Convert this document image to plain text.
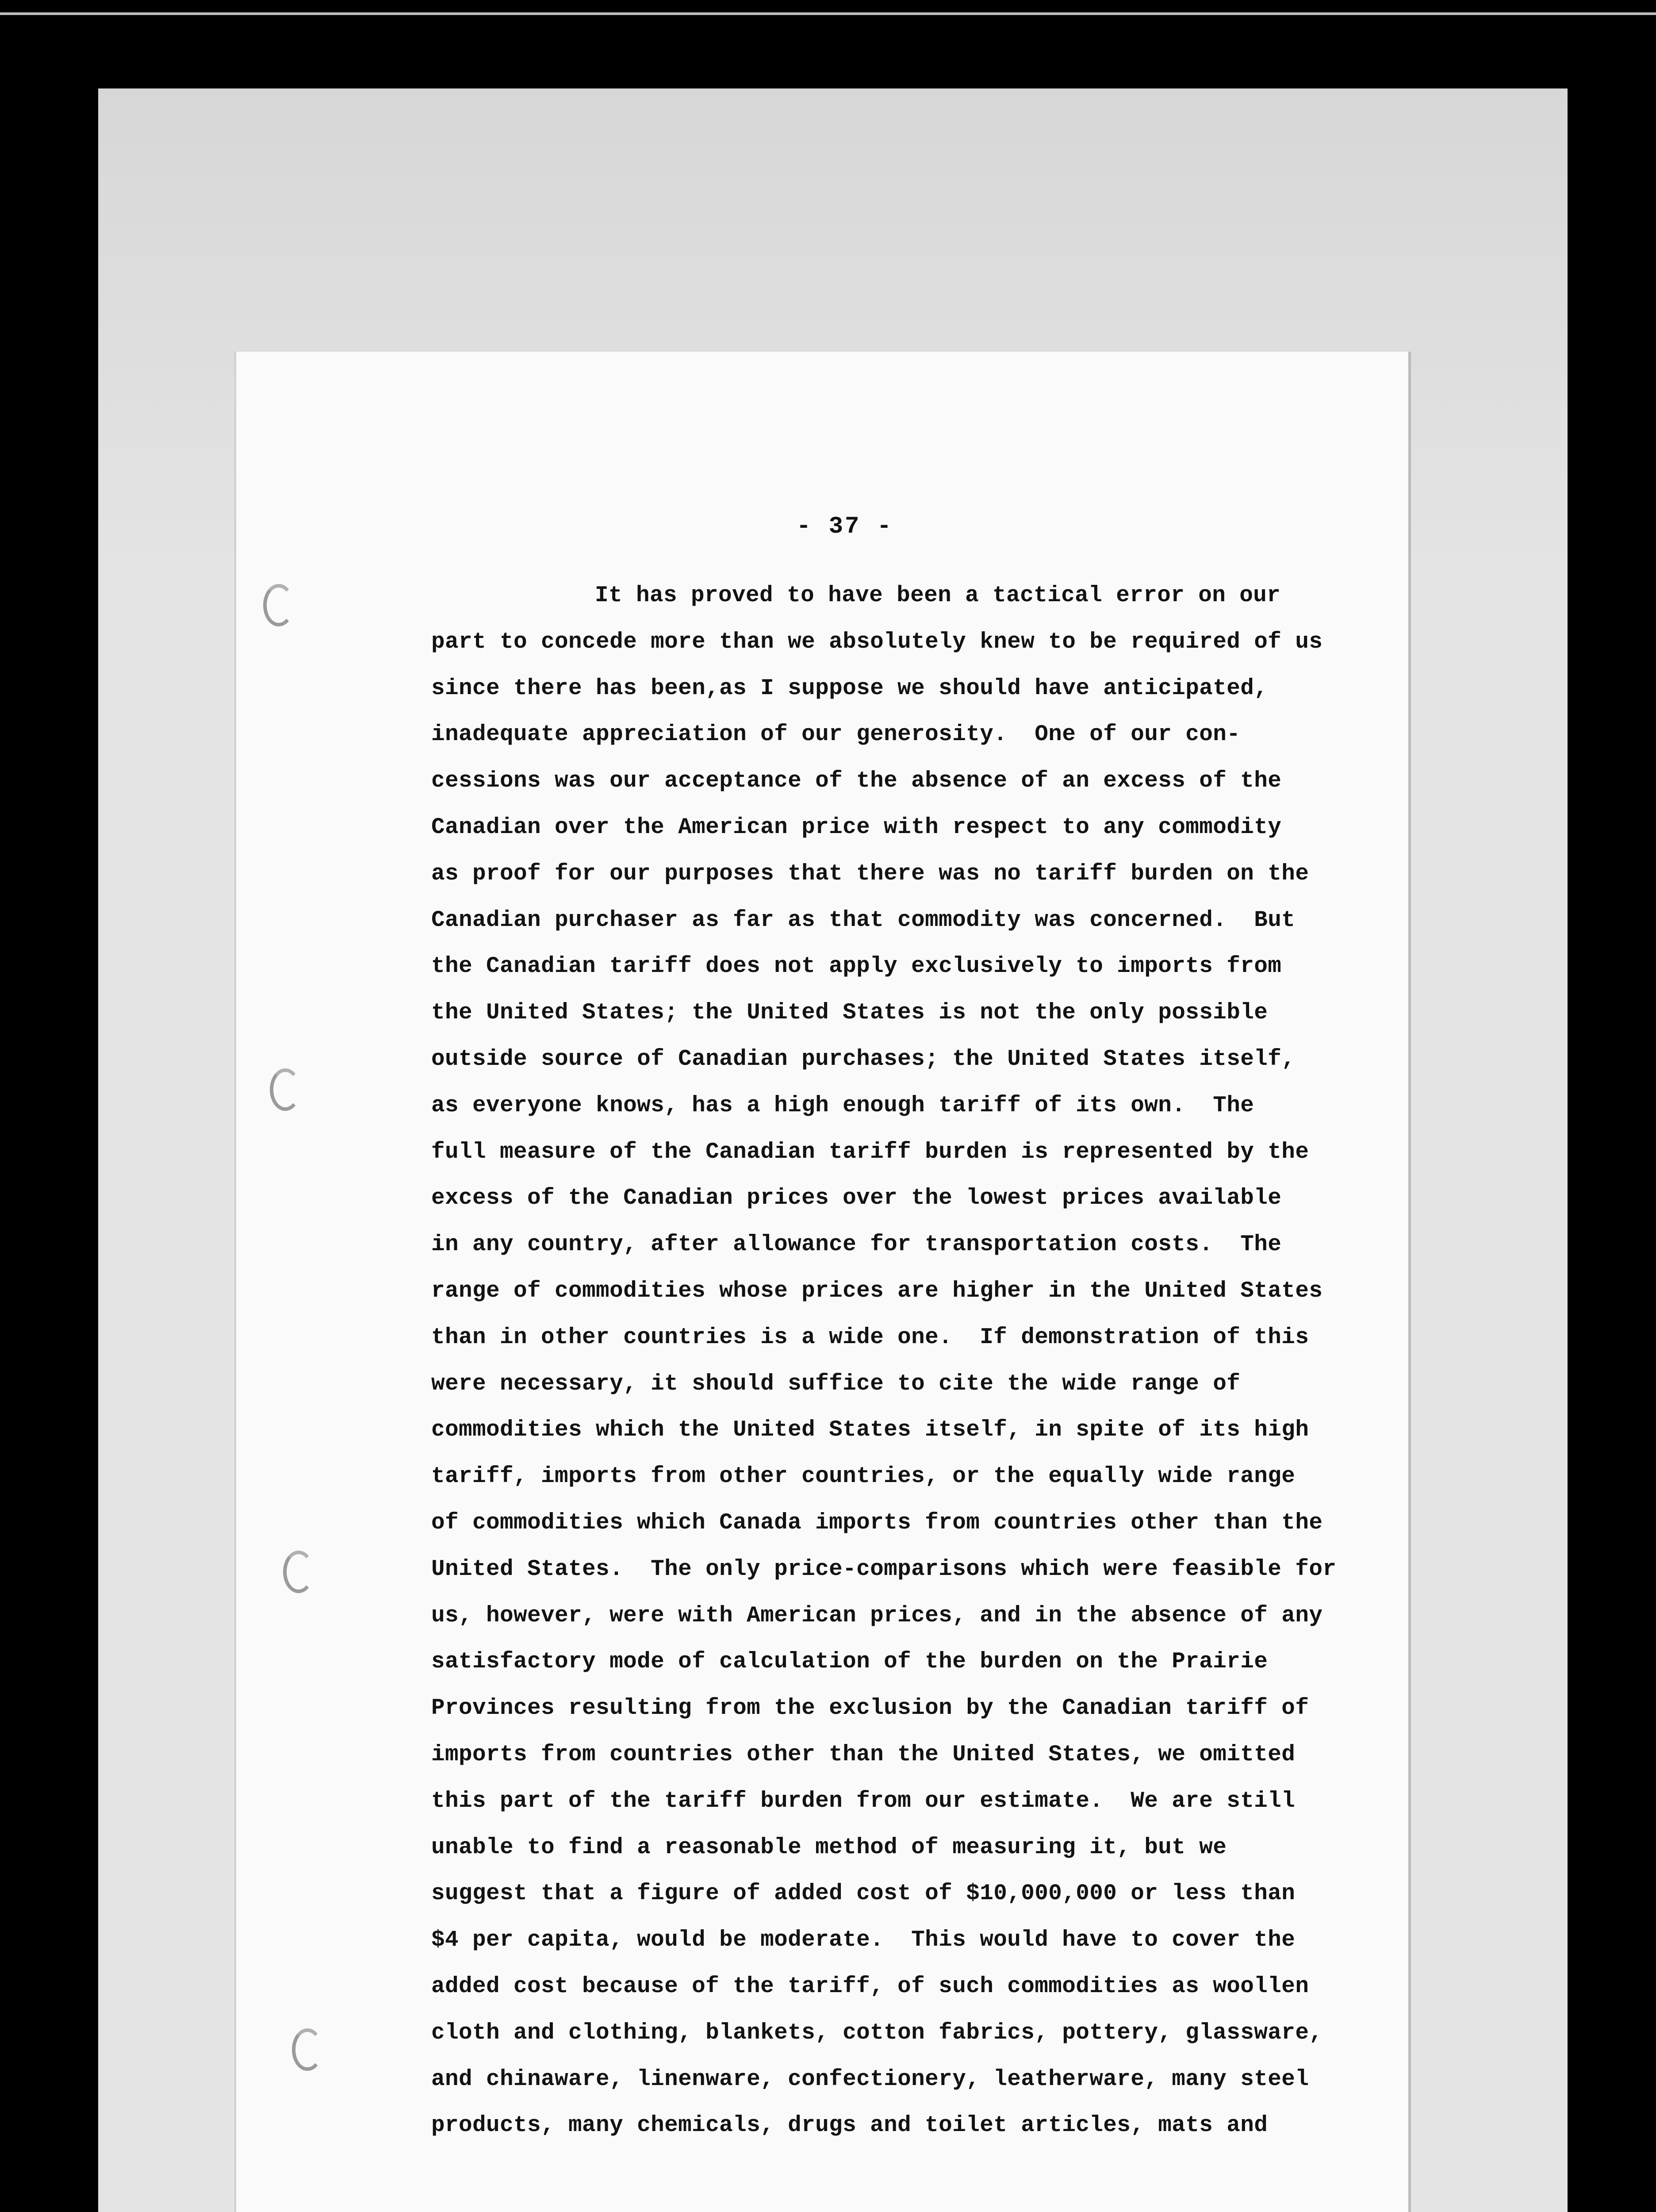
- 37 -
It has proved to have been a tactical error on our
part to concede more than we absolutely knew to be required of us
since there has been,as I suppose we should have anticipated,
inadequate appreciation of our generosity.  One of our con-
cessions was our acceptance of the absence of an excess of the
Canadian over the American price with respect to any commodity
as proof for our purposes that there was no tariff burden on the
Canadian purchaser as far as that commodity was concerned.  But
the Canadian tariff does not apply exclusively to imports from
the United States; the United States is not the only possible
outside source of Canadian purchases; the United States itself,
as everyone knows, has a high enough tariff of its own.  The
full measure of the Canadian tariff burden is represented by the
excess of the Canadian prices over the lowest prices available
in any country, after allowance for transportation costs.  The
range of commodities whose prices are higher in the United States
than in other countries is a wide one.  If demonstration of this
were necessary, it should suffice to cite the wide range of
commodities which the United States itself, in spite of its high
tariff, imports from other countries, or the equally wide range
of commodities which Canada imports from countries other than the
United States.  The only price-comparisons which were feasible for
us, however, were with American prices, and in the absence of any
satisfactory mode of calculation of the burden on the Prairie
Provinces resulting from the exclusion by the Canadian tariff of
imports from countries other than the United States, we omitted
this part of the tariff burden from our estimate.  We are still
unable to find a reasonable method of measuring it, but we
suggest that a figure of added cost of $10,000,000 or less than
$4 per capita, would be moderate.  This would have to cover the
added cost because of the tariff, of such commodities as woollen
cloth and clothing, blankets, cotton fabrics, pottery, glassware,
and chinaware, linenware, confectionery, leatherware, many steel
products, many chemicals, drugs and toilet articles, mats and
